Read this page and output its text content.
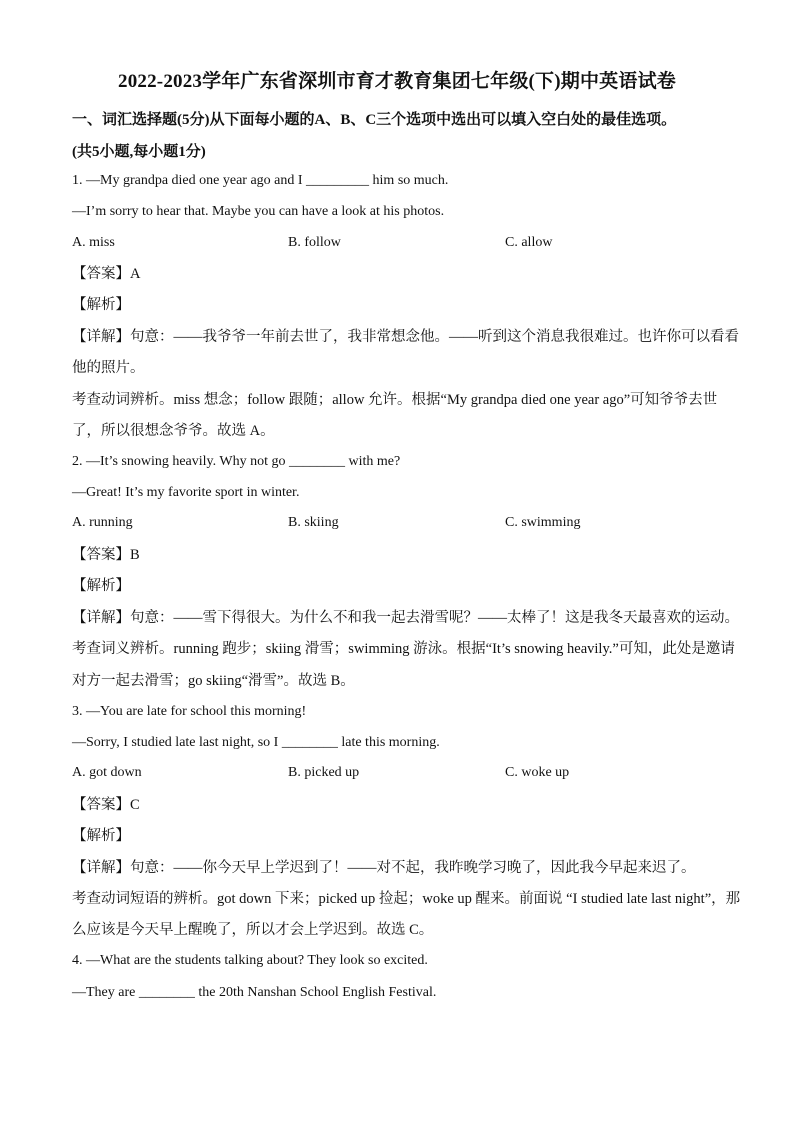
2022-2023学年广东省深圳市育才教育集团七年级(下)期中英语试卷
一、词汇选择题(5分)从下面每小题的A、B、C三个选项中选出可以填入空白处的最佳选项。
(共5小题,每小题1分)
1. —My grandpa died one year ago and I _________ him so much.
—I’m sorry to hear that. Maybe you can have a look at his photos.
A. miss	B. follow	C. allow
【答案】A
【解析】
【详解】句意：——我爷爷一年前去世了，我非常想念他。——听到这个消息我很难过。也许你可以看看
他的照片。
考查动词辨析。miss 想念；follow 跟随；allow 允许。根据“My grandpa died one year ago”可知爷爷去世
了，所以很想念爷爷。故选 A。
2. —It’s snowing heavily. Why not go ________ with me?
—Great! It’s my favorite sport in winter.
A. running	B. skiing	C. swimming
【答案】B
【解析】
【详解】句意：——雪下得很大。为什么不和我一起去滑雪呢？——太棒了！这是我冬天最喜欢的运动。
考查词义辨析。running 跑步；skiing 滑雪；swimming 游泳。根据“It’s snowing heavily.”可知，此处是邀请
对方一起去滑雪；go skiing“滑雪”。故选 B。
3. —You are late for school this morning!
—Sorry, I studied late last night, so I ________ late this morning.
A. got down	B. picked up	C. woke up
【答案】C
【解析】
【详解】句意：——你今天早上学迟到了！——对不起，我昨晚学习晚了，因此我今早起来迟了。
考查动词短语的辨析。got down 下来；picked up 捡起；woke up 醒来。前面说 “I studied late last night”，那
么应该是今天早上醒晚了，所以才会上学迟到。故选 C。
4. —What are the students talking about? They look so excited.
—They are ________ the 20th Nanshan School English Festival.
